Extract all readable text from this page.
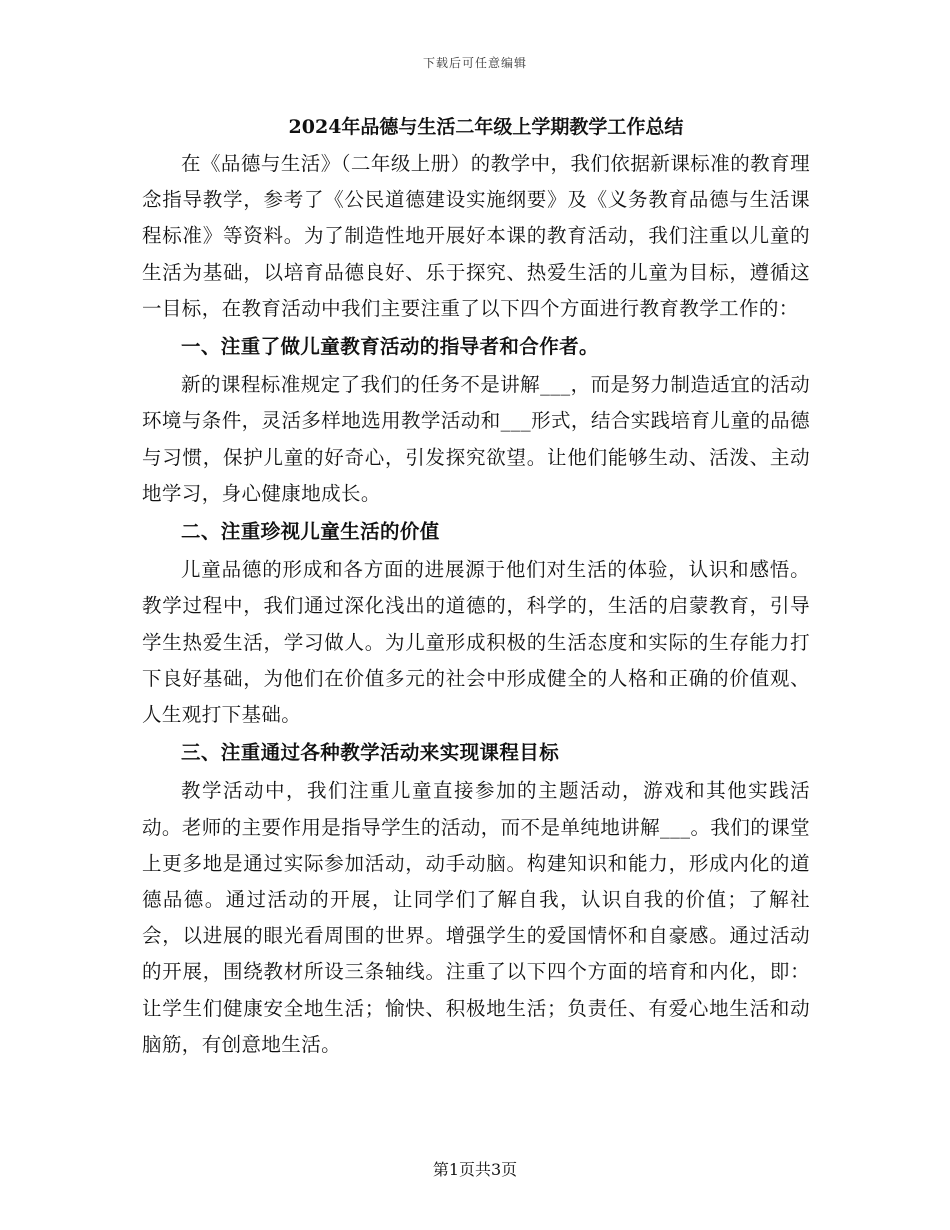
下载后可任意编辑
2024年品德与生活二年级上学期教学工作总结

在《品德与生活》（二年级上册）的教学中，我们依据新课标准的教育理念指导教学，参考了《公民道德建设实施纲要》及《义务教育品德与生活课程标准》等资料。为了制造性地开展好本课的教育活动，我们注重以儿童的生活为基础，以培育品德良好、乐于探究、热爱生活的儿童为目标，遵循这一目标，在教育活动中我们主要注重了以下四个方面进行教育教学工作的：

一、注重了做儿童教育活动的指导者和合作者。

新的课程标准规定了我们的任务不是讲解___，而是努力制造适宜的活动环境与条件，灵活多样地选用教学活动和___形式，结合实践培育儿童的品德与习惯，保护儿童的好奇心，引发探究欲望。让他们能够生动、活泼、主动地学习，身心健康地成长。

二、注重珍视儿童生活的价值

儿童品德的形成和各方面的进展源于他们对生活的体验，认识和感悟。教学过程中，我们通过深化浅出的道德的，科学的，生活的启蒙教育，引导学生热爱生活，学习做人。为儿童形成积极的生活态度和实际的生存能力打下良好基础，为他们在价值多元的社会中形成健全的人格和正确的价值观、人生观打下基础。

三、注重通过各种教学活动来实现课程目标

教学活动中，我们注重儿童直接参加的主题活动，游戏和其他实践活动。老师的主要作用是指导学生的活动，而不是单纯地讲解___。我们的课堂上更多地是通过实际参加活动，动手动脑。构建知识和能力，形成内化的道德品德。通过活动的开展，让同学们了解自我，认识自我的价值；了解社会，以进展的眼光看周围的世界。增强学生的爱国情怀和自豪感。通过活动的开展，围绕教材所设三条轴线。注重了以下四个方面的培育和内化，即：让学生们健康安全地生活；愉快、积极地生活；负责任、有爱心地生活和动脑筋，有创意地生活。

第1页共3页
